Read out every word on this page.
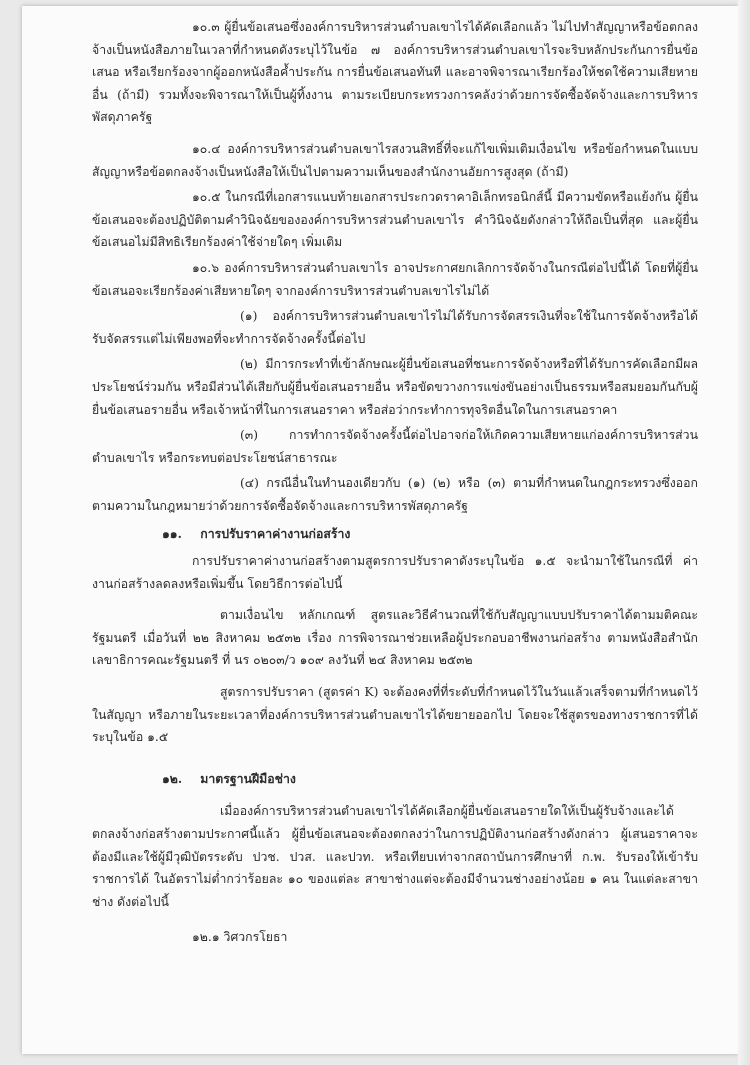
๑๐.๓ ผู้ยื่นข้อเสนอซึ่งองค์การบริหารส่วนตำบลเขาไรได้คัดเลือกแล้ว ไม่ไปทำสัญญาหรือข้อตกลงจ้างเป็นหนังสือภายในเวลาที่กำหนดดังระบุไว้ในข้อ ๗ องค์การบริหารส่วนตำบลเขาไรจะริบหลักประกันการยื่นข้อเสนอ หรือเรียกร้องจากผู้ออกหนังสือค้ำประกัน การยื่นข้อเสนอทันที และอาจพิจารณาเรียกร้องให้ชดใช้ความเสียหายอื่น (ถ้ามี) รวมทั้งจะพิจารณาให้เป็นผู้ทิ้งงาน ตามระเบียบกระทรวงการคลังว่าด้วยการจัดซื้อจัดจ้างและการบริหารพัสดุภาครัฐ

๑๐.๔ องค์การบริหารส่วนตำบลเขาไรสงวนสิทธิ์ที่จะแก้ไขเพิ่มเติมเงื่อนไข หรือข้อกำหนดในแบบสัญญาหรือข้อตกลงจ้างเป็นหนังสือให้เป็นไปตามความเห็นของสำนักงานอัยการสูงสุด (ถ้ามี)

๑๐.๕ ในกรณีที่เอกสารแนบท้ายเอกสารประกวดราคาอิเล็กทรอนิกส์นี้ มีความขัดหรือแย้งกัน ผู้ยื่นข้อเสนอจะต้องปฏิบัติตามคำวินิจฉัยขององค์การบริหารส่วนตำบลเขาไร คำวินิจฉัยดังกล่าวให้ถือเป็นที่สุด และผู้ยื่นข้อเสนอไม่มีสิทธิเรียกร้องค่าใช้จ่ายใดๆ เพิ่มเติม

๑๐.๖ องค์การบริหารส่วนตำบลเขาไร อาจประกาศยกเลิกการจัดจ้างในกรณีต่อไปนี้ได้ โดยที่ผู้ยื่นข้อเสนอจะเรียกร้องค่าเสียหายใดๆ จากองค์การบริหารส่วนตำบลเขาไรไม่ได้

(๑) องค์การบริหารส่วนตำบลเขาไรไม่ได้รับการจัดสรรเงินที่จะใช้ในการจัดจ้างหรือได้รับจัดสรรแต่ไม่เพียงพอที่จะทำการจัดจ้างครั้งนี้ต่อไป

(๒) มีการกระทำที่เข้าลักษณะผู้ยื่นข้อเสนอที่ชนะการจัดจ้างหรือที่ได้รับการคัดเลือกมีผลประโยชน์ร่วมกัน หรือมีส่วนได้เสียกับผู้ยื่นข้อเสนอรายอื่น หรือขัดขวางการแข่งขันอย่างเป็นธรรมหรือสมยอมกันกับผู้ยื่นข้อเสนอรายอื่น หรือเจ้าหน้าที่ในการเสนอราคา หรือส่อว่ากระทำการทุจริตอื่นใดในการเสนอราคา

(๓) การทำการจัดจ้างครั้งนี้ต่อไปอาจก่อให้เกิดความเสียหายแก่องค์การบริหารส่วนตำบลเขาไร หรือกระทบต่อประโยชน์สาธารณะ

(๔) กรณีอื่นในทำนองเดียวกับ (๑) (๒) หรือ (๓) ตามที่กำหนดในกฎกระทรวงซึ่งออกตามความในกฎหมายว่าด้วยการจัดซื้อจัดจ้างและการบริหารพัสดุภาครัฐ

๑๑. การปรับราคาค่างานก่อสร้าง

การปรับราคาค่างานก่อสร้างตามสูตรการปรับราคาดังระบุในข้อ ๑.๕ จะนำมาใช้ในกรณีที่ ค่างานก่อสร้างลดลงหรือเพิ่มขึ้น โดยวิธีการต่อไปนี้

ตามเงื่อนไข หลักเกณฑ์ สูตรและวิธีคำนวณที่ใช้กับสัญญาแบบปรับราคาได้ตามมติคณะรัฐมนตรี เมื่อวันที่ ๒๒ สิงหาคม ๒๕๓๒ เรื่อง การพิจารณาช่วยเหลือผู้ประกอบอาชีพงานก่อสร้าง ตามหนังสือสำนักเลขาธิการคณะรัฐมนตรี ที่ นร ๐๒๐๓/ว ๑๐๙ ลงวันที่ ๒๔ สิงหาคม ๒๕๓๒

สูตรการปรับราคา (สูตรค่า K) จะต้องคงที่ที่ระดับที่กำหนดไว้ในวันแล้วเสร็จตามที่กำหนดไว้ในสัญญา หรือภายในระยะเวลาที่องค์การบริหารส่วนตำบลเขาไรได้ขยายออกไป โดยจะใช้สูตรของทางราชการที่ได้ระบุในข้อ ๑.๕

๑๒. มาตรฐานฝีมือช่าง

เมื่อองค์การบริหารส่วนตำบลเขาไรได้คัดเลือกผู้ยื่นข้อเสนอรายใดให้เป็นผู้รับจ้างและได้ตกลงจ้างก่อสร้างตามประกาศนี้แล้ว ผู้ยื่นข้อเสนอจะต้องตกลงว่าในการปฏิบัติงานก่อสร้างดังกล่าว ผู้เสนอราคาจะต้องมีและใช้ผู้มีวุฒิบัตรระดับ ปวช. ปวส. และปวท. หรือเทียบเท่าจากสถาบันการศึกษาที่ ก.พ. รับรองให้เข้ารับราชการได้ ในอัตราไม่ต่ำกว่าร้อยละ ๑๐ ของแต่ละ สาขาช่างแต่จะต้องมีจำนวนช่างอย่างน้อย ๑ คน ในแต่ละสาขาช่าง ดังต่อไปนี้

๑๒.๑ วิศวกรโยธา
